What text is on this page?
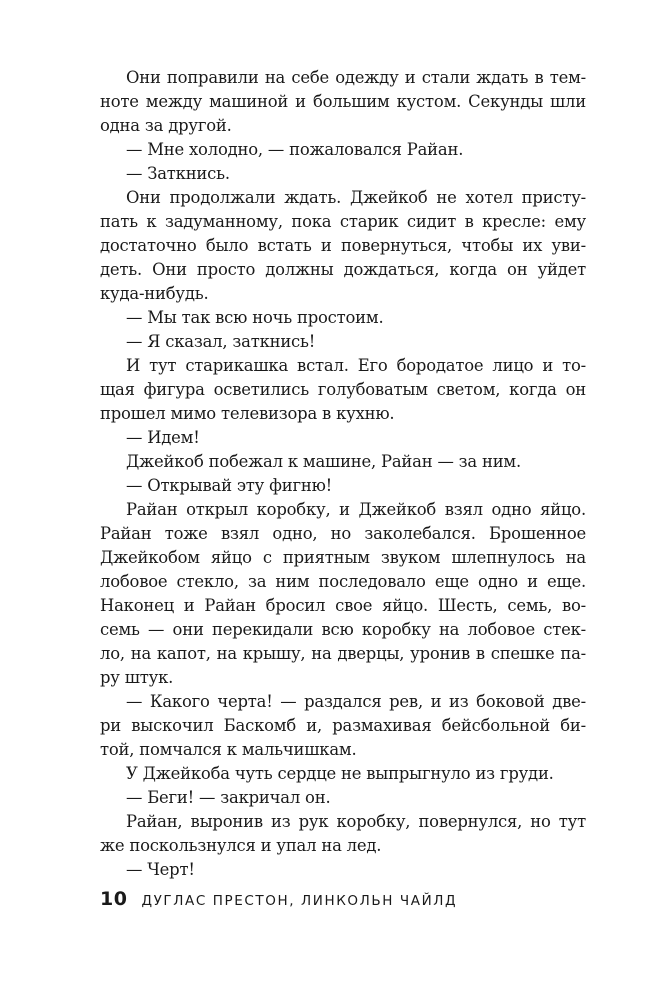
Они поправили на себе одежду и стали ждать в тем-
ноте между машиной и большим кустом. Секунды шли
одна за другой.
— Мне холодно, — пожаловался Райан.
— Заткнись.
Они продолжали ждать. Джейкоб не хотел присту-
пать к задуманному, пока старик сидит в кресле: ему
достаточно было встать и повернуться, чтобы их уви-
деть. Они просто должны дождаться, когда он уйдет
куда-нибудь.
— Мы так всю ночь простоим.
— Я сказал, заткнись!
И тут старикашка встал. Его бородатое лицо и то-
щая фигура осветились голубоватым светом, когда он
прошел мимо телевизора в кухню.
— Идем!
Джейкоб побежал к машине, Райан — за ним.
— Открывай эту фигню!
Райан открыл коробку, и Джейкоб взял одно яйцо.
Райан тоже взял одно, но заколебался. Брошенное
Джейкобом яйцо с приятным звуком шлепнулось на
лобовое стекло, за ним последовало еще одно и еще.
Наконец и Райан бросил свое яйцо. Шесть, семь, во-
семь — они перекидали всю коробку на лобовое стек-
ло, на капот, на крышу, на дверцы, уронив в спешке па-
ру штук.
— Какого черта! — раздался рев, и из боковой две-
ри выскочил Баскомб и, размахивая бейсбольной би-
той, помчался к мальчишкам.
У Джейкоба чуть сердце не выпрыгнуло из груди.
— Беги! — закричал он.
Райан, выронив из рук коробку, повернулся, но тут
же поскользнулся и упал на лед.
— Черт!
10 ДУГЛАС ПРЕСТОН, ЛИНКОЛЬН ЧАЙЛД
